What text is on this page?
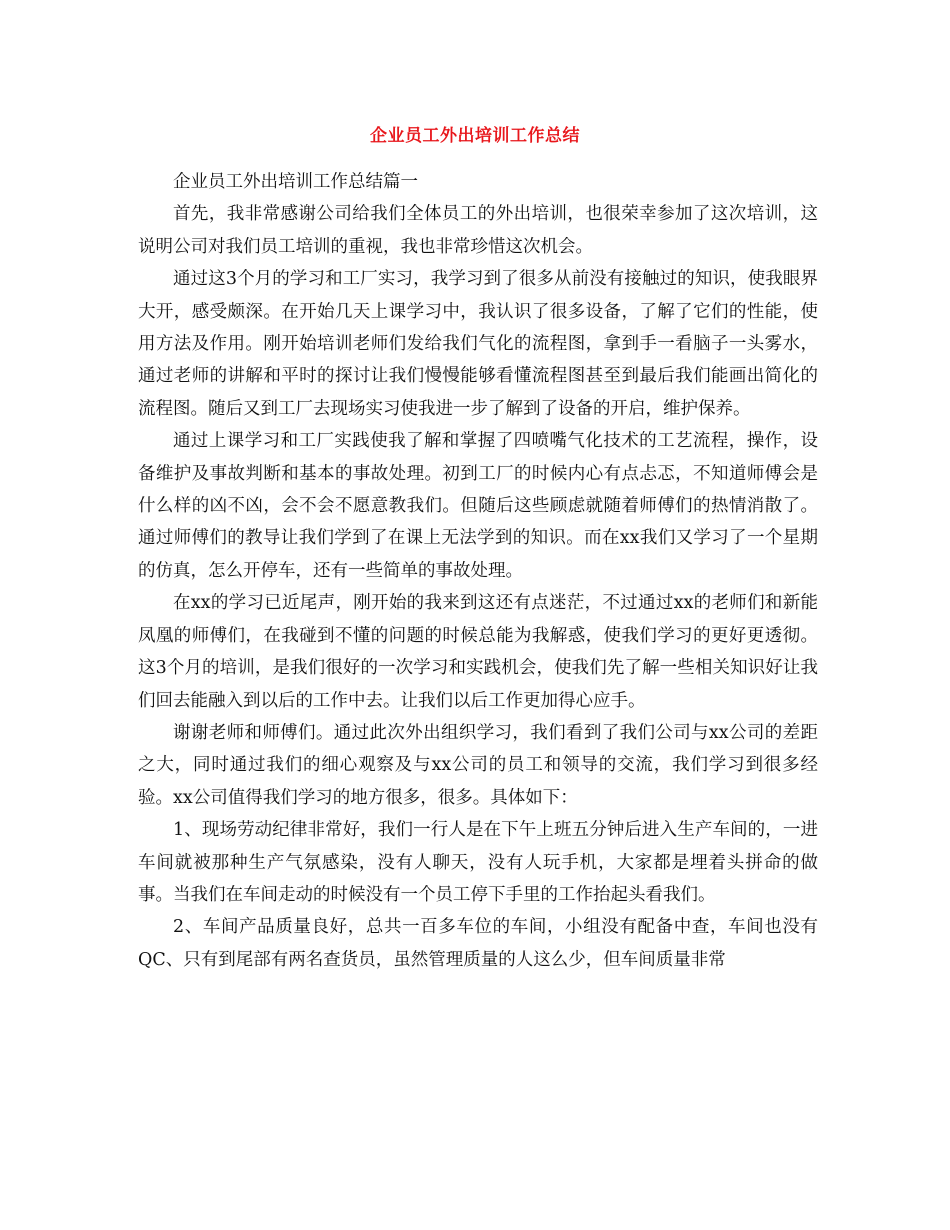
企业员工外出培训工作总结

企业员工外出培训工作总结篇一

首先，我非常感谢公司给我们全体员工的外出培训，也很荣幸参加了这次培训，这说明公司对我们员工培训的重视，我也非常珍惜这次机会。

通过这3个月的学习和工厂实习，我学习到了很多从前没有接触过的知识，使我眼界大开，感受颇深。在开始几天上课学习中，我认识了很多设备，了解了它们的性能，使用方法及作用。刚开始培训老师们发给我们气化的流程图，拿到手一看脑子一头雾水，通过老师的讲解和平时的探讨让我们慢慢能够看懂流程图甚至到最后我们能画出简化的流程图。随后又到工厂去现场实习使我进一步了解到了设备的开启，维护保养。

通过上课学习和工厂实践使我了解和掌握了四喷嘴气化技术的工艺流程，操作，设备维护及事故判断和基本的事故处理。初到工厂的时候内心有点忐忑，不知道师傅会是什么样的凶不凶，会不会不愿意教我们。但随后这些顾虑就随着师傅们的热情消散了。通过师傅们的教导让我们学到了在课上无法学到的知识。而在xx我们又学习了一个星期的仿真，怎么开停车，还有一些简单的事故处理。

在xx的学习已近尾声，刚开始的我来到这还有点迷茫，不过通过xx的老师们和新能凤凰的师傅们，在我碰到不懂的问题的时候总能为我解惑，使我们学习的更好更透彻。这3个月的培训，是我们很好的一次学习和实践机会，使我们先了解一些相关知识好让我们回去能融入到以后的工作中去。让我们以后工作更加得心应手。

谢谢老师和师傅们。通过此次外出组织学习，我们看到了我们公司与xx公司的差距之大，同时通过我们的细心观察及与xx公司的员工和领导的交流，我们学习到很多经验。xx公司值得我们学习的地方很多，很多。具体如下：

1、现场劳动纪律非常好，我们一行人是在下午上班五分钟后进入生产车间的，一进车间就被那种生产气氛感染，没有人聊天，没有人玩手机，大家都是埋着头拼命的做事。当我们在车间走动的时候没有一个员工停下手里的工作抬起头看我们。

2、车间产品质量良好，总共一百多车位的车间，小组没有配备中查，车间也没有QC、只有到尾部有两名查货员，虽然管理质量的人这么少，但车间质量非常
